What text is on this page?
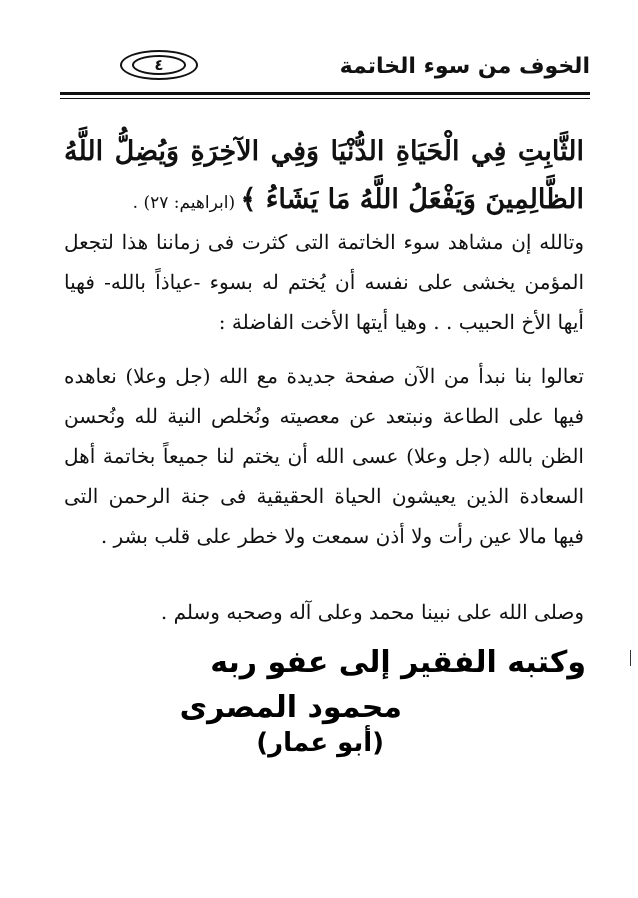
الخوف من سوء الخاتمة
٤
الثَّابِتِ فِي الْحَيَاةِ الدُّنْيَا وَفِي الآخِرَةِ وَيُضِلُّ اللَّهُ الظَّالِمِينَ وَيَفْعَلُ اللَّهُ مَا يَشَاءُ ﴾ (ابراهيم: ٢٧) .
وتالله إن مشاهد سوء الخاتمة التى كثرت فى زماننا هذا لتجعل المؤمن يخشى على نفسه أن يُختم له بسوء -عياذاً بالله- فهيا أيها الأخ الحبيب . . وهيا أيتها الأخت الفاضلة :
تعالوا بنا نبدأ من الآن صفحة جديدة مع الله (جل وعلا) نعاهده فيها على الطاعة ونبتعد عن معصيته ونُخلص النية لله ونُحسن الظن بالله (جل وعلا) عسى الله أن يختم لنا جميعاً بخاتمة أهل السعادة الذين يعيشون الحياة الحقيقية فى جنة الرحمن التى فيها مالا عين رأت ولا أذن سمعت ولا خطر على قلب بشر .
وصلى الله على نبينا محمد وعلى آله وصحبه وسلم .
وكتبه الفقير إلى عفو ربه
محمود المصرى
(أبو عمار)
